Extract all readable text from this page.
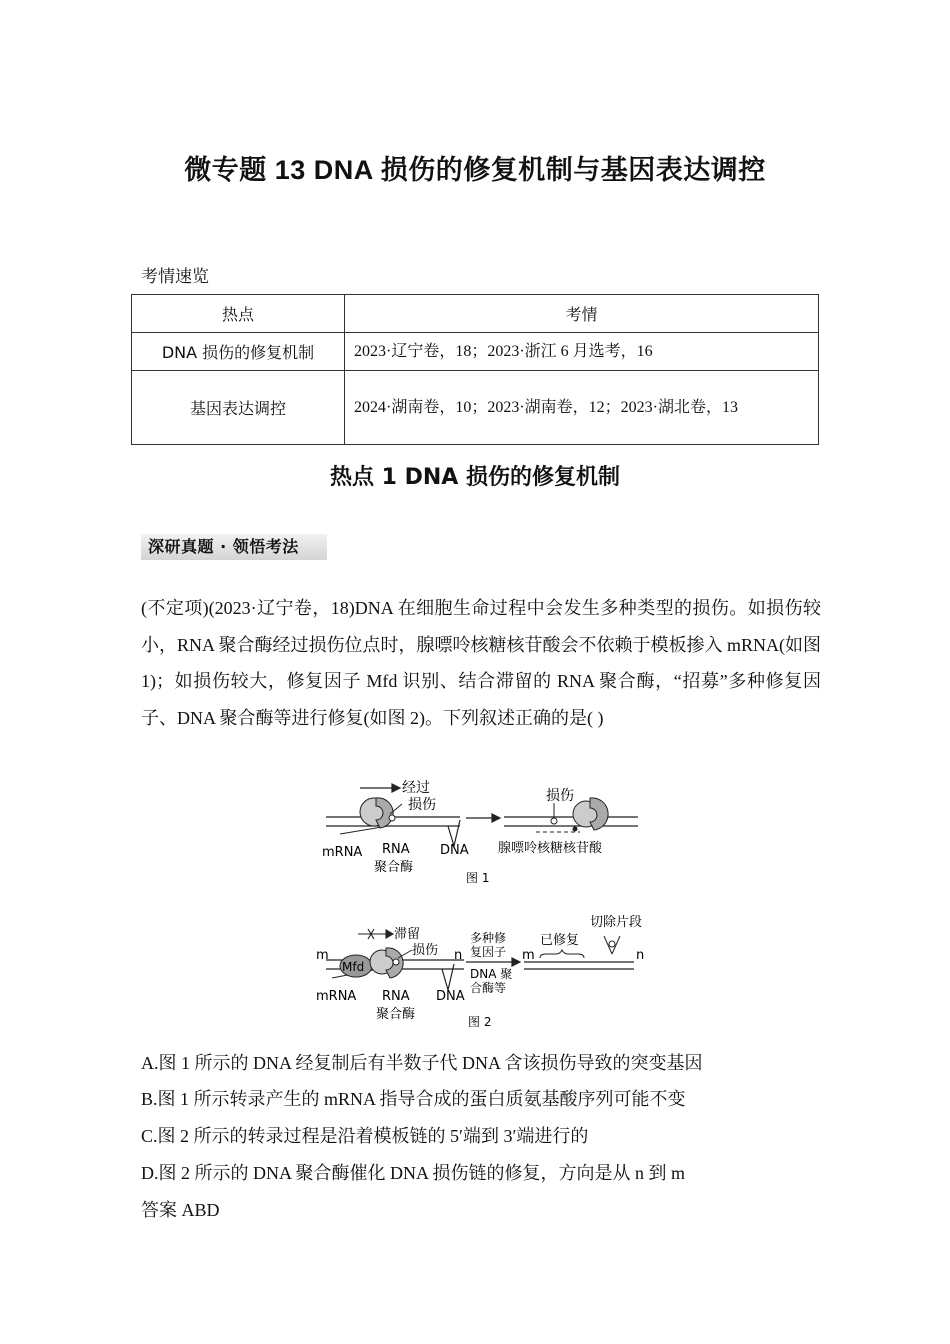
微专题 13 DNA 损伤的修复机制与基因表达调控
考情速览
热点	考情
DNA 损伤的修复机制	2023·辽宁卷，18；2023·浙江 6 月选考，16
基因表达调控	2024·湖南卷，10；2023·湖南卷，12；2023·湖北卷，13
热点 1 DNA 损伤的修复机制
深研真题 · 领悟考法
(不定项)(2023·辽宁卷，18)DNA 在细胞生命过程中会发生多种类型的损伤。如损伤较小，RNA 聚合酶经过损伤位点时，腺嘌呤核糖核苷酸会不依赖于模板掺入 mRNA(如图 1)；如损伤较大，修复因子 Mfd 识别、结合滞留的 RNA 聚合酶，“招募”多种修复因子、DNA 聚合酶等进行修复(如图 2)。下列叙述正确的是( )
经过
损伤
mRNA RNA
聚合酶
DNA
损伤
腺嘌呤核糖核苷酸
图 1
m
Mfd
滞留
损伤 n
mRNA RNA
聚合酶
DNA
多种修
复因子
DNA 聚
合酶等
m
已修复
切除片段
n
图 2
A.图 1 所示的 DNA 经复制后有半数子代 DNA 含该损伤导致的突变基因
B.图 1 所示转录产生的 mRNA 指导合成的蛋白质氨基酸序列可能不变
C.图 2 所示的转录过程是沿着模板链的 5′端到 3′端进行的
D.图 2 所示的 DNA 聚合酶催化 DNA 损伤链的修复，方向是从 n 到 m
答案 ABD
